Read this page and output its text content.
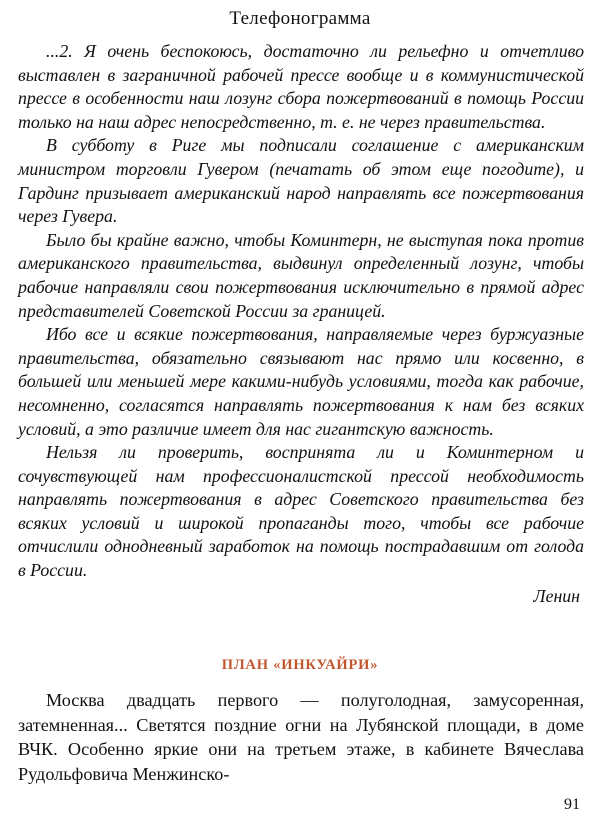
Телефонограмма

...2. Я очень беспокоюсь, достаточно ли рельефно и отчетливо выставлен в заграничной рабочей прессе вообще и в коммунистической прессе в особенности наш лозунг сбора пожертвований в помощь России только на наш адрес непосредственно, т. е. не через правительства.

В субботу в Риге мы подписали соглашение с американским министром торговли Гувером (печатать об этом еще погодите), и Гардинг призывает американский народ направлять все пожертвования через Гувера.

Было бы крайне важно, чтобы Коминтерн, не выступая пока против американского правительства, выдвинул определенный лозунг, чтобы рабочие направляли свои пожертвования исключительно в прямой адрес представителей Советской России за границей.

Ибо все и всякие пожертвования, направляемые через буржуазные правительства, обязательно связывают нас прямо или косвенно, в большей или меньшей мере какими-нибудь условиями, тогда как рабочие, несомненно, согласятся направлять пожертвования к нам без всяких условий, а это различие имеет для нас гигантскую важность.

Нельзя ли проверить, воспринята ли и Коминтерном и сочувствующей нам профессионалистской прессой необходимость направлять пожертвования в адрес Советского правительства без всяких условий и широкой пропаганды того, чтобы все рабочие отчислили однодневный заработок на помощь пострадавшим от голода в России.

Ленин
ПЛАН «ИНКУАЙРИ»

Москва двадцать первого — полуголодная, замусоренная, затемненная... Светятся поздние огни на Лубянской площади, в доме ВЧК. Особенно яркие они на третьем этаже, в кабинете Вячеслава Рудольфовича Менжинско-

91
